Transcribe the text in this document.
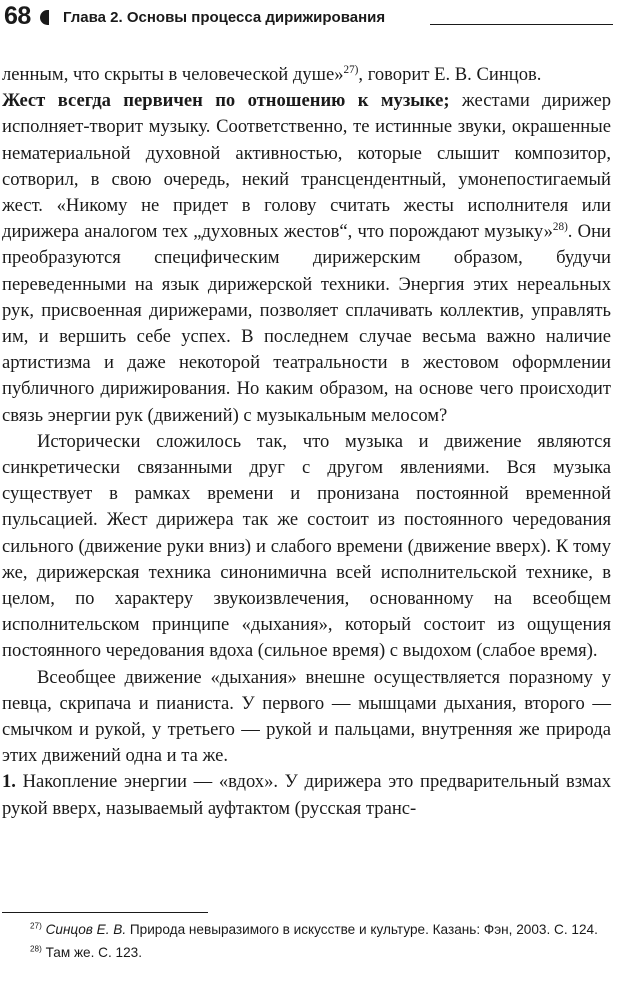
68 Глава 2. Основы процесса дирижирования

ленным, что скрыты в человеческой душе»$^{27)}$, говорит Е. В. Синцов.
Жест всегда первичен по отношению к музыке; жестами дирижер исполняет-творит музыку. Соответственно, те истинные звуки, окрашенные нематериальной духовной активностью, которые слышит композитор, сотворил, в свою очередь, некий трансцендентный, умонепостигаемый жест. «Никому не придет в голову считать жесты исполнителя или дирижера аналогом тех „духовных жестов“, что порождают музыку»$^{28)}$. Они преобразуются специфическим дирижерским образом, будучи переведенными на язык дирижерской техники. Энергия этих нереальных рук, присвоенная дирижерами, позволяет сплачивать коллектив, управлять им, и вершить себе успех. В последнем случае весьма важно наличие артистизма и даже некоторой театральности в жестовом оформлении публичного дирижирования. Но каким образом, на основе чего происходит связь энергии рук (движений) с музыкальным мелосом?

Исторически сложилось так, что музыка и движение являются синкретически связанными друг с другом явлениями. Вся музыка существует в рамках времени и пронизана постоянной временной пульсацией. Жест дирижера так же состоит из постоянного чередования сильного (движение руки вниз) и слабого времени (движение вверх). К тому же, дирижерская техника синонимична всей исполнительской технике, в целом, по характеру звукоизвлечения, основанному на всеобщем исполнительском принципе «дыхания», который состоит из ощущения постоянного чередования вдоха (сильное время) с выдохом (слабое время).

Всеобщее движение «дыхания» внешне осуществляется поразному у певца, скрипача и пианиста. У первого — мышцами дыхания, второго — смычком и рукой, у третьего — рукой и пальцами, внутренняя же природа этих движений одна и та же.

1. Накопление энергии — «вдох». У дирижера это предварительный взмах рукой вверх, называемый ауфтактом (русская транс-

$^{27)}$ Синцов Е. В. Природа невыразимого в искусстве и культуре. Казань: Фэн, 2003. С. 124.

$^{28)}$ Там же. С. 123.
